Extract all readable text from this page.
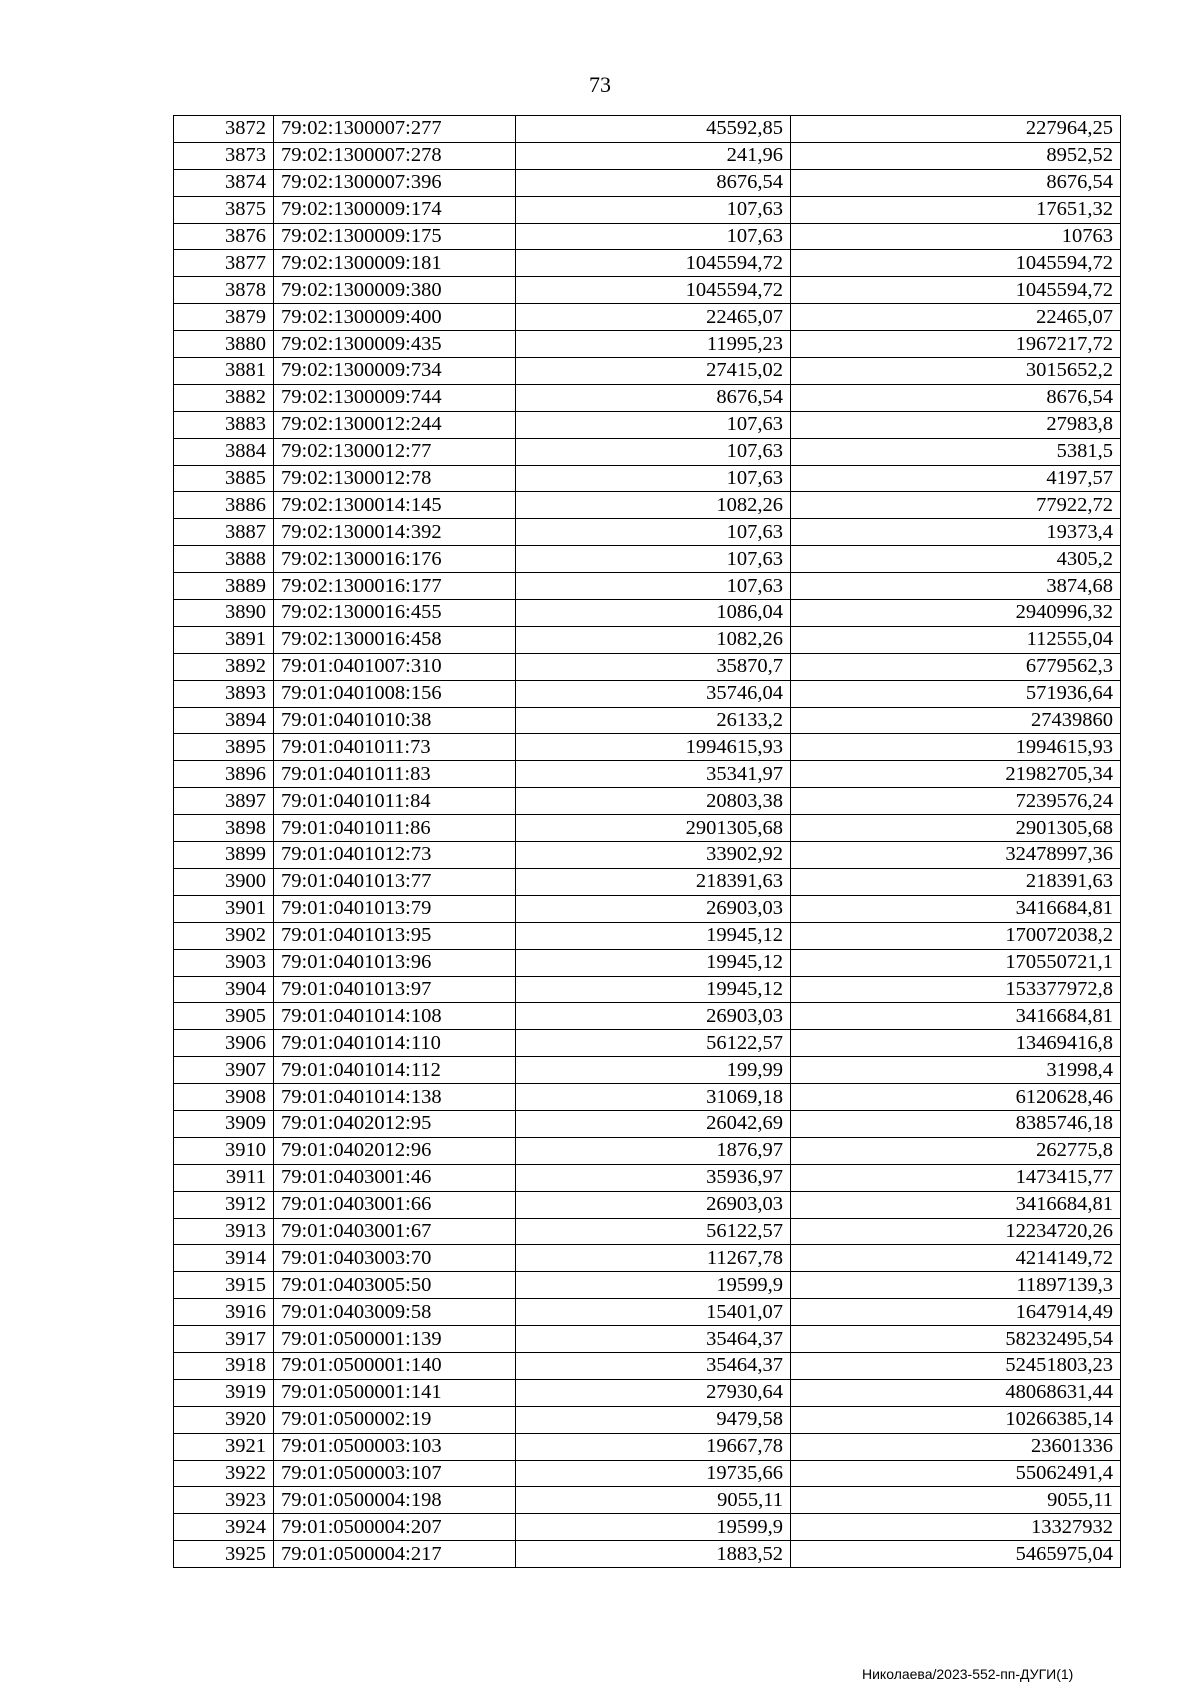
73
3872	79:02:1300007:277	45592,85	227964,25
3873	79:02:1300007:278	241,96	8952,52
3874	79:02:1300007:396	8676,54	8676,54
3875	79:02:1300009:174	107,63	17651,32
3876	79:02:1300009:175	107,63	10763
3877	79:02:1300009:181	1045594,72	1045594,72
3878	79:02:1300009:380	1045594,72	1045594,72
3879	79:02:1300009:400	22465,07	22465,07
3880	79:02:1300009:435	11995,23	1967217,72
3881	79:02:1300009:734	27415,02	3015652,2
3882	79:02:1300009:744	8676,54	8676,54
3883	79:02:1300012:244	107,63	27983,8
3884	79:02:1300012:77	107,63	5381,5
3885	79:02:1300012:78	107,63	4197,57
3886	79:02:1300014:145	1082,26	77922,72
3887	79:02:1300014:392	107,63	19373,4
3888	79:02:1300016:176	107,63	4305,2
3889	79:02:1300016:177	107,63	3874,68
3890	79:02:1300016:455	1086,04	2940996,32
3891	79:02:1300016:458	1082,26	112555,04
3892	79:01:0401007:310	35870,7	6779562,3
3893	79:01:0401008:156	35746,04	571936,64
3894	79:01:0401010:38	26133,2	27439860
3895	79:01:0401011:73	1994615,93	1994615,93
3896	79:01:0401011:83	35341,97	21982705,34
3897	79:01:0401011:84	20803,38	7239576,24
3898	79:01:0401011:86	2901305,68	2901305,68
3899	79:01:0401012:73	33902,92	32478997,36
3900	79:01:0401013:77	218391,63	218391,63
3901	79:01:0401013:79	26903,03	3416684,81
3902	79:01:0401013:95	19945,12	170072038,2
3903	79:01:0401013:96	19945,12	170550721,1
3904	79:01:0401013:97	19945,12	153377972,8
3905	79:01:0401014:108	26903,03	3416684,81
3906	79:01:0401014:110	56122,57	13469416,8
3907	79:01:0401014:112	199,99	31998,4
3908	79:01:0401014:138	31069,18	6120628,46
3909	79:01:0402012:95	26042,69	8385746,18
3910	79:01:0402012:96	1876,97	262775,8
3911	79:01:0403001:46	35936,97	1473415,77
3912	79:01:0403001:66	26903,03	3416684,81
3913	79:01:0403001:67	56122,57	12234720,26
3914	79:01:0403003:70	11267,78	4214149,72
3915	79:01:0403005:50	19599,9	11897139,3
3916	79:01:0403009:58	15401,07	1647914,49
3917	79:01:0500001:139	35464,37	58232495,54
3918	79:01:0500001:140	35464,37	52451803,23
3919	79:01:0500001:141	27930,64	48068631,44
3920	79:01:0500002:19	9479,58	10266385,14
3921	79:01:0500003:103	19667,78	23601336
3922	79:01:0500003:107	19735,66	55062491,4
3923	79:01:0500004:198	9055,11	9055,11
3924	79:01:0500004:207	19599,9	13327932
3925	79:01:0500004:217	1883,52	5465975,04
Николаева/2023-552-пп-ДУГИ(1)
